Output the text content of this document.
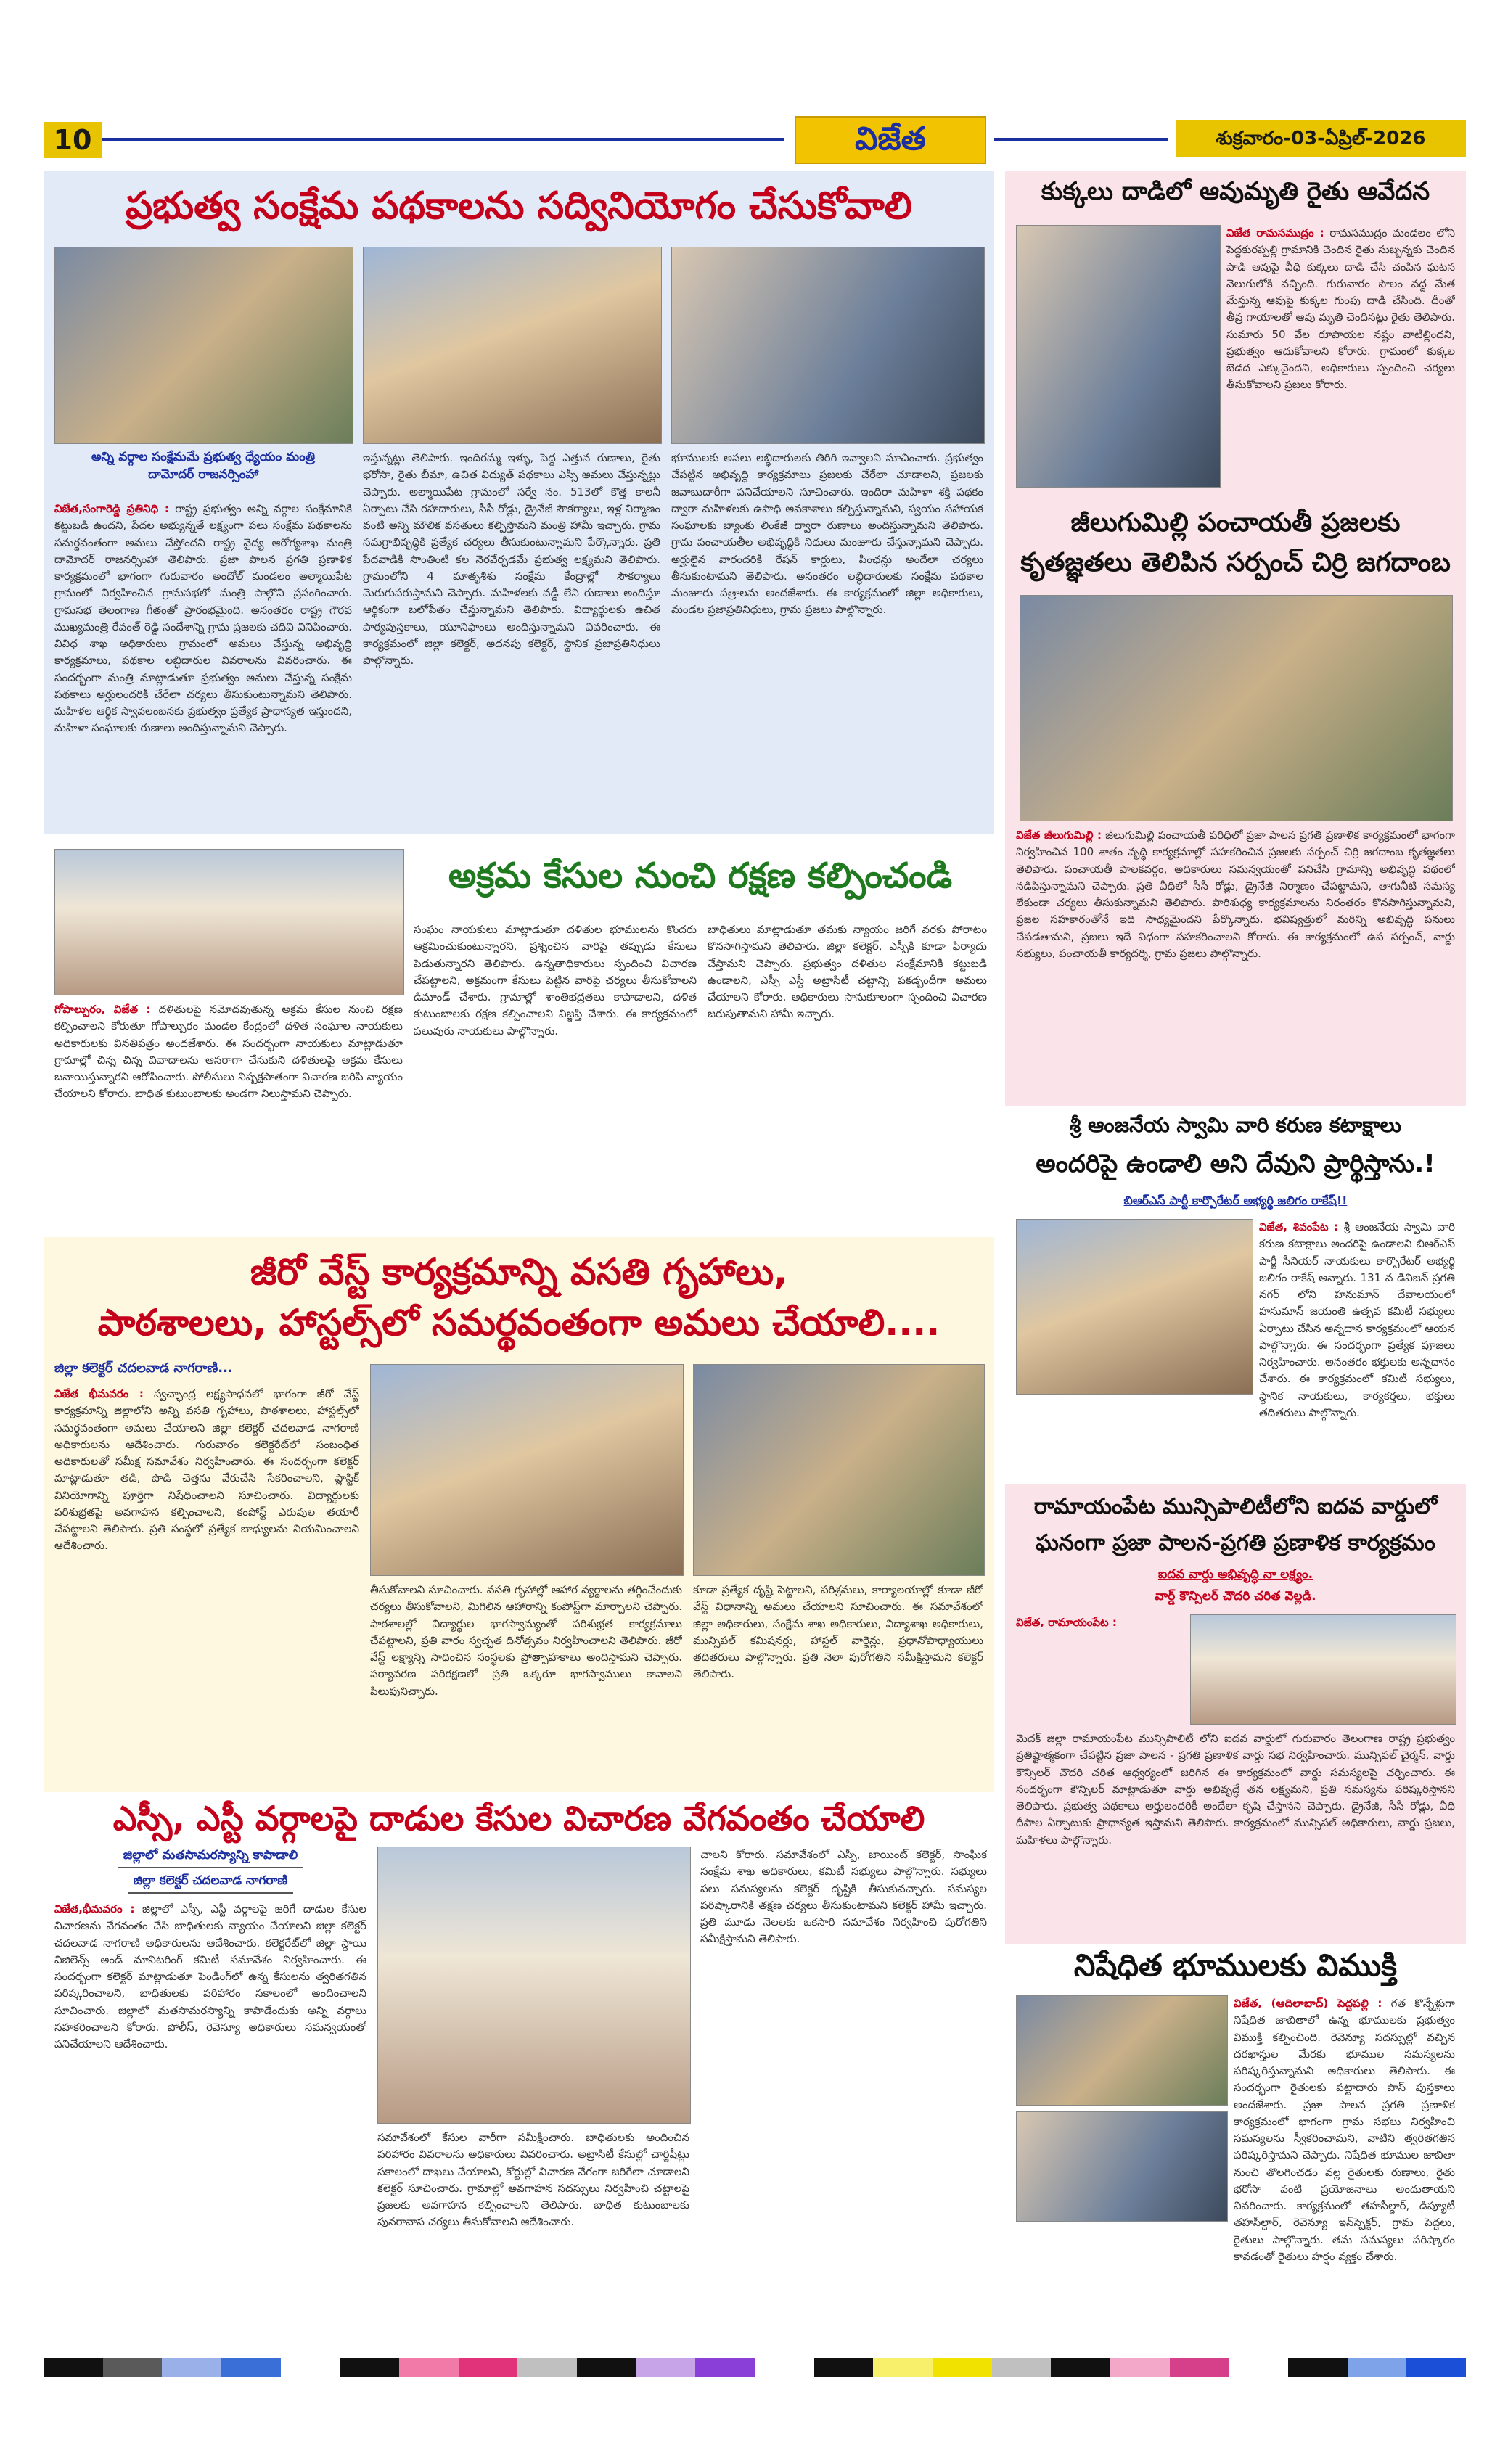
10	విజేత	శుక్రవారం-03-ఏప్రిల్-2026
ప్రభుత్వ సంక్షేమ పథకాలను సద్వినియోగం చేసుకోవాలి
అన్ని వర్గాల సంక్షేమమే ప్రభుత్వ ధ్యేయం మంత్రి
దామోదర్ రాజనర్సింహా
విజేత,సంగారెడ్డి ప్రతినిధి : రాష్ట్ర ప్రభుత్వం అన్ని వర్గాల సంక్షేమానికి కట్టుబడి ఉందని, పేదల అభ్యున్నతే లక్ష్యంగా పలు సంక్షేమ పథకాలను సమర్థవంతంగా అమలు చేస్తోందని రాష్ట్ర వైద్య ఆరోగ్యశాఖ మంత్రి దామోదర్ రాజనర్సింహా తెలిపారు. ప్రజా పాలన ప్రగతి ప్రణాళిక కార్యక్రమంలో భాగంగా గురువారం అందోల్ మండలం అల్మాయిపేట గ్రామంలో నిర్వహించిన గ్రామసభలో మంత్రి పాల్గొని ప్రసంగించారు. గ్రామసభ తెలంగాణ గీతంతో ప్రారంభమైంది. అనంతరం రాష్ట్ర గౌరవ ముఖ్యమంత్రి రేవంత్ రెడ్డి సందేశాన్ని గ్రామ ప్రజలకు చదివి వినిపించారు. వివిధ శాఖ అధికారులు గ్రామంలో అమలు చేస్తున్న అభివృద్ధి కార్యక్రమాలు, పథకాల లబ్ధిదారుల వివరాలను వివరించారు. ఈ సందర్భంగా మంత్రి మాట్లాడుతూ ప్రభుత్వం అమలు చేస్తున్న సంక్షేమ పథకాలు అర్హులందరికీ చేరేలా చర్యలు తీసుకుంటున్నామని తెలిపారు. మహిళల ఆర్థిక స్వావలంబనకు ప్రభుత్వం ప్రత్యేక ప్రాధాన్యత ఇస్తుందని, మహిళా సంఘాలకు రుణాలు అందిస్తున్నామని చెప్పారు.
ఇస్తున్నట్లు తెలిపారు. ఇందిరమ్మ ఇళ్ళు, పెద్ద ఎత్తున రుణాలు, రైతు భరోసా, రైతు బీమా, ఉచిత విద్యుత్ పథకాలు ఎస్సీ అమలు చేస్తున్నట్లు చెప్పారు. అల్మాయిపేట గ్రామంలో సర్వే నం. 513లో కొత్త కాలనీ ఏర్పాటు చేసి రహదారులు, సీసీ రోడ్లు, డ్రైనేజీ సౌకర్యాలు, ఇళ్ల నిర్మాణం వంటి అన్ని మౌలిక వసతులు కల్పిస్తామని మంత్రి హామీ ఇచ్చారు. గ్రామ సమగ్రాభివృద్ధికి ప్రత్యేక చర్యలు తీసుకుంటున్నామని పేర్కొన్నారు. ప్రతి పేదవాడికి సొంతింటి కల నెరవేర్చడమే ప్రభుత్వ లక్ష్యమని తెలిపారు. గ్రామంలోని 4 మాతృశిశు సంక్షేమ కేంద్రాల్లో సౌకర్యాలు మెరుగుపరుస్తామని చెప్పారు. మహిళలకు వడ్డీ లేని రుణాలు అందిస్తూ ఆర్థికంగా బలోపేతం చేస్తున్నామని తెలిపారు. విద్యార్థులకు ఉచిత పాఠ్యపుస్తకాలు, యూనిఫాంలు అందిస్తున్నామని వివరించారు. ఈ కార్యక్రమంలో జిల్లా కలెక్టర్, అదనపు కలెక్టర్, స్థానిక ప్రజాప్రతినిధులు పాల్గొన్నారు.
భూములకు అసలు లబ్ధిదారులకు తిరిగి ఇవ్వాలని సూచించారు. ప్రభుత్వం చేపట్టిన అభివృద్ధి కార్యక్రమాలు ప్రజలకు చేరేలా చూడాలని, ప్రజలకు జవాబుదారీగా పనిచేయాలని సూచించారు. ఇందిరా మహిళా శక్తి పథకం ద్వారా మహిళలకు ఉపాధి అవకాశాలు కల్పిస్తున్నామని, స్వయం సహాయక సంఘాలకు బ్యాంకు లింకేజీ ద్వారా రుణాలు అందిస్తున్నామని తెలిపారు. గ్రామ పంచాయతీల అభివృద్ధికి నిధులు మంజూరు చేస్తున్నామని చెప్పారు. అర్హులైన వారందరికీ రేషన్ కార్డులు, పింఛన్లు అందేలా చర్యలు తీసుకుంటామని తెలిపారు. అనంతరం లబ్ధిదారులకు సంక్షేమ పథకాల మంజూరు పత్రాలను అందజేశారు. ఈ కార్యక్రమంలో జిల్లా అధికారులు, మండల ప్రజాప్రతినిధులు, గ్రామ ప్రజలు పాల్గొన్నారు.
అక్రమ కేసుల నుంచి రక్షణ కల్పించండి
గోపాల్పురం, విజేత : దళితులపై నమోదవుతున్న అక్రమ కేసుల నుంచి రక్షణ కల్పించాలని కోరుతూ గోపాల్పురం మండల కేంద్రంలో దళిత సంఘాల నాయకులు అధికారులకు వినతిపత్రం అందజేశారు. ఈ సందర్భంగా నాయకులు మాట్లాడుతూ గ్రామాల్లో చిన్న చిన్న వివాదాలను ఆసరాగా చేసుకుని దళితులపై అక్రమ కేసులు బనాయిస్తున్నారని ఆరోపించారు. పోలీసులు నిష్పక్షపాతంగా విచారణ జరిపి న్యాయం చేయాలని కోరారు. బాధిత కుటుంబాలకు అండగా నిలుస్తామని చెప్పారు.
సంఘం నాయకులు మాట్లాడుతూ దళితుల భూములను కొందరు ఆక్రమించుకుంటున్నారని, ప్రశ్నించిన వారిపై తప్పుడు కేసులు పెడుతున్నారని తెలిపారు. ఉన్నతాధికారులు స్పందించి విచారణ చేపట్టాలని, అక్రమంగా కేసులు పెట్టిన వారిపై చర్యలు తీసుకోవాలని డిమాండ్ చేశారు. గ్రామాల్లో శాంతిభద్రతలు కాపాడాలని, దళిత కుటుంబాలకు రక్షణ కల్పించాలని విజ్ఞప్తి చేశారు. ఈ కార్యక్రమంలో పలువురు నాయకులు పాల్గొన్నారు.
బాధితులు మాట్లాడుతూ తమకు న్యాయం జరిగే వరకు పోరాటం కొనసాగిస్తామని తెలిపారు. జిల్లా కలెక్టర్, ఎస్పీకి కూడా ఫిర్యాదు చేస్తామని చెప్పారు. ప్రభుత్వం దళితుల సంక్షేమానికి కట్టుబడి ఉండాలని, ఎస్సీ ఎస్టీ అట్రాసిటీ చట్టాన్ని పకడ్బందీగా అమలు చేయాలని కోరారు. అధికారులు సానుకూలంగా స్పందించి విచారణ జరుపుతామని హామీ ఇచ్చారు.
జీరో వేస్ట్ కార్యక్రమాన్ని వసతి గృహాలు,
పాఠశాలలు, హాస్టల్స్‌లో సమర్థవంతంగా అమలు చేయాలి....
జిల్లా కలెక్టర్ చదలవాడ నాగరాణి...
విజేత భీమవరం : స్వచ్ఛాంధ్ర లక్ష్యసాధనలో భాగంగా జీరో వేస్ట్ కార్యక్రమాన్ని జిల్లాలోని అన్ని వసతి గృహాలు, పాఠశాలలు, హాస్టల్స్‌లో సమర్థవంతంగా అమలు చేయాలని జిల్లా కలెక్టర్ చదలవాడ నాగరాణి అధికారులను ఆదేశించారు. గురువారం కలెక్టరేట్‌లో సంబంధిత అధికారులతో సమీక్ష సమావేశం నిర్వహించారు. ఈ సందర్భంగా కలెక్టర్ మాట్లాడుతూ తడి, పొడి చెత్తను వేరుచేసి సేకరించాలని, ప్లాస్టిక్ వినియోగాన్ని పూర్తిగా నిషేధించాలని సూచించారు. విద్యార్థులకు పరిశుభ్రతపై అవగాహన కల్పించాలని, కంపోస్ట్ ఎరువుల తయారీ చేపట్టాలని తెలిపారు. ప్రతి సంస్థలో ప్రత్యేక బాధ్యులను నియమించాలని ఆదేశించారు.
తీసుకోవాలని సూచించారు. వసతి గృహాల్లో ఆహార వ్యర్థాలను తగ్గించేందుకు చర్యలు తీసుకోవాలని, మిగిలిన ఆహారాన్ని కంపోస్ట్‌గా మార్చాలని చెప్పారు. పాఠశాలల్లో విద్యార్థుల భాగస్వామ్యంతో పరిశుభ్రత కార్యక్రమాలు చేపట్టాలని, ప్రతి వారం స్వచ్ఛత దినోత్సవం నిర్వహించాలని తెలిపారు. జీరో వేస్ట్ లక్ష్యాన్ని సాధించిన సంస్థలకు ప్రోత్సాహకాలు అందిస్తామని చెప్పారు. పర్యావరణ పరిరక్షణలో ప్రతి ఒక్కరూ భాగస్వాములు కావాలని పిలుపునిచ్చారు.
కూడా ప్రత్యేక దృష్టి పెట్టాలని, పరిశ్రమలు, కార్యాలయాల్లో కూడా జీరో వేస్ట్ విధానాన్ని అమలు చేయాలని సూచించారు. ఈ సమావేశంలో జిల్లా అధికారులు, సంక్షేమ శాఖ అధికారులు, విద్యాశాఖ అధికారులు, మున్సిపల్ కమిషనర్లు, హాస్టల్ వార్డెన్లు, ప్రధానోపాధ్యాయులు తదితరులు పాల్గొన్నారు. ప్రతి నెలా పురోగతిని సమీక్షిస్తామని కలెక్టర్ తెలిపారు.
ఎస్సీ, ఎస్టీ వర్గాలపై దాడుల కేసుల విచారణ వేగవంతం చేయాలి
జిల్లాలో మతసామరస్యాన్ని కాపాడాలి
జిల్లా కలెక్టర్ చదలవాడ నాగరాణి
విజేత,భీమవరం : జిల్లాలో ఎస్సీ, ఎస్టీ వర్గాలపై జరిగే దాడుల కేసుల విచారణను వేగవంతం చేసి బాధితులకు న్యాయం చేయాలని జిల్లా కలెక్టర్ చదలవాడ నాగరాణి అధికారులను ఆదేశించారు. కలెక్టరేట్‌లో జిల్లా స్థాయి విజిలెన్స్ అండ్ మానిటరింగ్ కమిటీ సమావేశం నిర్వహించారు. ఈ సందర్భంగా కలెక్టర్ మాట్లాడుతూ పెండింగ్‌లో ఉన్న కేసులను త్వరితగతిన పరిష్కరించాలని, బాధితులకు పరిహారం సకాలంలో అందించాలని సూచించారు. జిల్లాలో మతసామరస్యాన్ని కాపాడేందుకు అన్ని వర్గాలు సహకరించాలని కోరారు. పోలీస్, రెవెన్యూ అధికారులు సమన్వయంతో పనిచేయాలని ఆదేశించారు.
సమావేశంలో కేసుల వారీగా సమీక్షించారు. బాధితులకు అందించిన పరిహారం వివరాలను అధికారులు వివరించారు. అట్రాసిటీ కేసుల్లో చార్జిషీట్లు సకాలంలో దాఖలు చేయాలని, కోర్టుల్లో విచారణ వేగంగా జరిగేలా చూడాలని కలెక్టర్ సూచించారు. గ్రామాల్లో అవగాహన సదస్సులు నిర్వహించి చట్టాలపై ప్రజలకు అవగాహన కల్పించాలని తెలిపారు. బాధిత కుటుంబాలకు పునరావాస చర్యలు తీసుకోవాలని ఆదేశించారు.
చాలని కోరారు. సమావేశంలో ఎస్పీ, జాయింట్ కలెక్టర్, సాంఘిక సంక్షేమ శాఖ అధికారులు, కమిటీ సభ్యులు పాల్గొన్నారు. సభ్యులు పలు సమస్యలను కలెక్టర్ దృష్టికి తీసుకువచ్చారు. సమస్యల పరిష్కారానికి తక్షణ చర్యలు తీసుకుంటామని కలెక్టర్ హామీ ఇచ్చారు. ప్రతి మూడు నెలలకు ఒకసారి సమావేశం నిర్వహించి పురోగతిని సమీక్షిస్తామని తెలిపారు.
కుక్కలు దాడిలో ఆవుమృతి రైతు ఆవేదన
విజేత రామసముద్రం : రామసముద్రం మండలం లోని పెద్దకురప్పల్లి గ్రామానికి చెందిన రైతు సుబ్బన్నకు చెందిన పాడి ఆవుపై వీధి కుక్కలు దాడి చేసి చంపిన ఘటన వెలుగులోకి వచ్చింది. గురువారం పొలం వద్ద మేత మేస్తున్న ఆవుపై కుక్కల గుంపు దాడి చేసింది. దీంతో తీవ్ర గాయాలతో ఆవు మృతి చెందినట్లు రైతు తెలిపారు. సుమారు 50 వేల రూపాయల నష్టం వాటిల్లిందని, ప్రభుత్వం ఆదుకోవాలని కోరారు. గ్రామంలో కుక్కల బెడద ఎక్కువైందని, అధికారులు స్పందించి చర్యలు తీసుకోవాలని ప్రజలు కోరారు.
జీలుగుమిల్లి పంచాయతీ ప్రజలకు
కృతజ్ఞతలు తెలిపిన సర్పంచ్ చిర్రి జగదాంబ
విజేత జీలుగుమిల్లి : జీలుగుమిల్లి పంచాయతీ పరిధిలో ప్రజా పాలన ప్రగతి ప్రణాళిక కార్యక్రమంలో భాగంగా నిర్వహించిన 100 శాతం వృద్ధి కార్యక్రమాల్లో సహకరించిన ప్రజలకు సర్పంచ్ చిర్రి జగదాంబ కృతజ్ఞతలు తెలిపారు. పంచాయతీ పాలకవర్గం, అధికారులు సమన్వయంతో పనిచేసి గ్రామాన్ని అభివృద్ధి పథంలో నడిపిస్తున్నామని చెప్పారు. ప్రతి వీధిలో సీసీ రోడ్లు, డ్రైనేజీ నిర్మాణం చేపట్టామని, తాగునీటి సమస్య లేకుండా చర్యలు తీసుకున్నామని తెలిపారు. పారిశుధ్య కార్యక్రమాలను నిరంతరం కొనసాగిస్తున్నామని, ప్రజల సహకారంతోనే ఇది సాధ్యమైందని పేర్కొన్నారు. భవిష్యత్తులో మరిన్ని అభివృద్ధి పనులు చేపడతామని, ప్రజలు ఇదే విధంగా సహకరించాలని కోరారు. ఈ కార్యక్రమంలో ఉప సర్పంచ్, వార్డు సభ్యులు, పంచాయతీ కార్యదర్శి, గ్రామ ప్రజలు పాల్గొన్నారు.
శ్రీ ఆంజనేయ స్వామి వారి కరుణ కటాక్షాలు
అందరిపై ఉండాలి అని దేవుని ప్రార్థిస్తాను.!
బిఆర్ఎస్ పార్టీ కార్పొరేటర్ అభ్యర్థి జలిగం రాకేష్!!
విజేత, శివంపేట : శ్రీ ఆంజనేయ స్వామి వారి కరుణ కటాక్షాలు అందరిపై ఉండాలని బిఆర్ఎస్ పార్టీ సీనియర్ నాయకులు కార్పొరేటర్ అభ్యర్థి జలిగం రాకేష్ అన్నారు. 131 వ డివిజన్ ప్రగతి నగర్ లోని హనుమాన్ దేవాలయంలో హనుమాన్ జయంతి ఉత్సవ కమిటీ సభ్యులు ఏర్పాటు చేసిన అన్నదాన కార్యక్రమంలో ఆయన పాల్గొన్నారు. ఈ సందర్భంగా ప్రత్యేక పూజలు నిర్వహించారు. అనంతరం భక్తులకు అన్నదానం చేశారు. ఈ కార్యక్రమంలో కమిటీ సభ్యులు, స్థానిక నాయకులు, కార్యకర్తలు, భక్తులు తదితరులు పాల్గొన్నారు.
రామాయంపేట మున్సిపాలిటీలోని ఐదవ వార్డులో
ఘనంగా ప్రజా పాలన-ప్రగతి ప్రణాళిక కార్యక్రమం
ఐదవ వార్డు అభివృద్ధి నా లక్ష్యం.
వార్డ్ కౌన్సిలర్ చౌదరి చరిత వెల్లడి.
విజేత, రామాయంపేట :
మెదక్ జిల్లా రామాయంపేట మున్సిపాలిటీ లోని ఐదవ వార్డులో గురువారం తెలంగాణ రాష్ట్ర ప్రభుత్వం ప్రతిష్టాత్మకంగా చేపట్టిన ప్రజా పాలన - ప్రగతి ప్రణాళిక వార్డు సభ నిర్వహించారు. మున్సిపల్ చైర్మన్, వార్డు కౌన్సిలర్ చౌదరి చరిత ఆధ్వర్యంలో జరిగిన ఈ కార్యక్రమంలో వార్డు సమస్యలపై చర్చించారు. ఈ సందర్భంగా కౌన్సిలర్ మాట్లాడుతూ వార్డు అభివృద్ధే తన లక్ష్యమని, ప్రతి సమస్యను పరిష్కరిస్తానని తెలిపారు. ప్రభుత్వ పథకాలు అర్హులందరికీ అందేలా కృషి చేస్తానని చెప్పారు. డ్రైనేజీ, సీసీ రోడ్లు, వీధి దీపాల ఏర్పాటుకు ప్రాధాన్యత ఇస్తామని తెలిపారు. కార్యక్రమంలో మున్సిపల్ అధికారులు, వార్డు ప్రజలు, మహిళలు పాల్గొన్నారు.
నిషేధిత భూములకు విముక్తి
విజేత, (ఆదిలాబాద్) పెద్దపల్లి : గత కొన్నేళ్లుగా నిషేధిత జాబితాలో ఉన్న భూములకు ప్రభుత్వం విముక్తి కల్పించింది. రెవెన్యూ సదస్సుల్లో వచ్చిన దరఖాస్తుల మేరకు భూముల సమస్యలను పరిష్కరిస్తున్నామని అధికారులు తెలిపారు. ఈ సందర్భంగా రైతులకు పట్టాదారు పాస్ పుస్తకాలు అందజేశారు. ప్రజా పాలన ప్రగతి ప్రణాళిక కార్యక్రమంలో భాగంగా గ్రామ సభలు నిర్వహించి సమస్యలను స్వీకరించామని, వాటిని త్వరితగతిన పరిష్కరిస్తామని చెప్పారు. నిషేధిత భూముల జాబితా నుంచి తొలగించడం వల్ల రైతులకు రుణాలు, రైతు భరోసా వంటి ప్రయోజనాలు అందుతాయని వివరించారు. కార్యక్రమంలో తహసీల్దార్, డిప్యూటీ తహసీల్దార్, రెవెన్యూ ఇన్‌స్పెక్టర్, గ్రామ పెద్దలు, రైతులు పాల్గొన్నారు. తమ సమస్యలు పరిష్కారం కావడంతో రైతులు హర్షం వ్యక్తం చేశారు.
